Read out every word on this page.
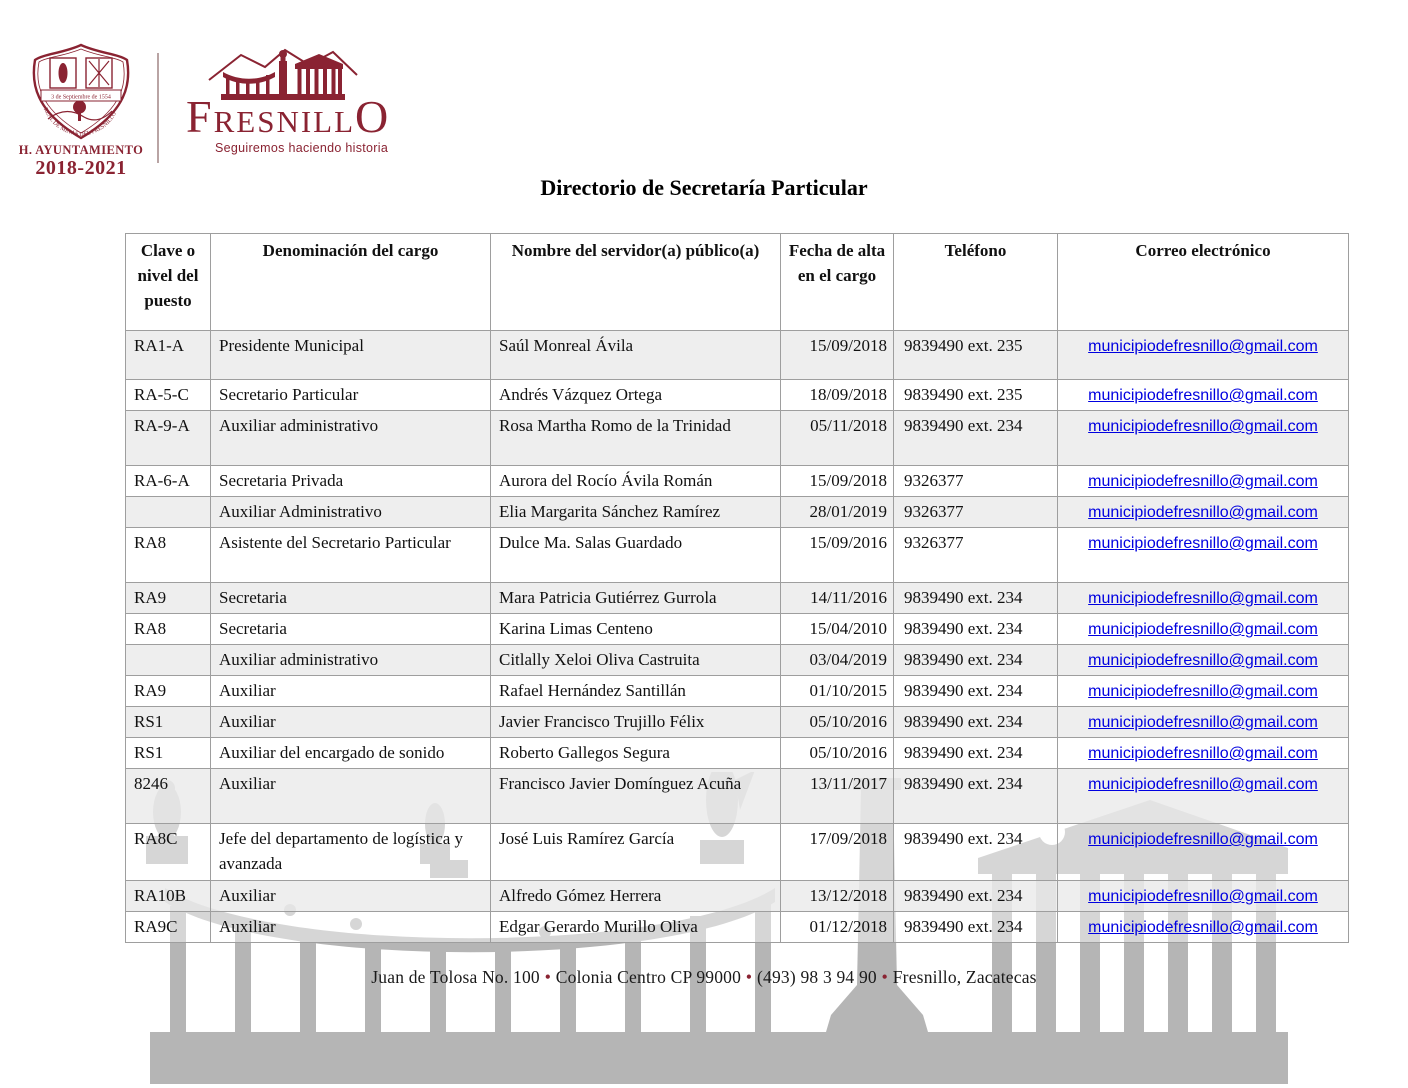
3 de Septiembre de 1554
REAL DE MINAS DEL FRESNILLO
H. AYUNTAMIENTO
2018-2021
FRESNILLO
Seguiremos haciendo historia
Directorio de Secretaría Particular
Clave o nivel del puesto	Denominación del cargo	Nombre del servidor(a) público(a)	Fecha de alta en el cargo	Teléfono	Correo electrónico
RA1-A	Presidente Municipal	Saúl Monreal Ávila	15/09/2018	9839490 ext. 235	municipiodefresnillo@gmail.com
RA-5-C	Secretario Particular	Andrés Vázquez Ortega	18/09/2018	9839490 ext. 235	municipiodefresnillo@gmail.com
RA-9-A	Auxiliar administrativo	Rosa Martha Romo de la Trinidad	05/11/2018	9839490 ext. 234	municipiodefresnillo@gmail.com
RA-6-A	Secretaria Privada	Aurora del Rocío Ávila Román	15/09/2018	9326377	municipiodefresnillo@gmail.com
	Auxiliar Administrativo	Elia Margarita Sánchez Ramírez	28/01/2019	9326377	municipiodefresnillo@gmail.com
RA8	Asistente del Secretario Particular	Dulce Ma. Salas Guardado	15/09/2016	9326377	municipiodefresnillo@gmail.com
RA9	Secretaria	Mara Patricia Gutiérrez Gurrola	14/11/2016	9839490 ext. 234	municipiodefresnillo@gmail.com
RA8	Secretaria	Karina Limas Centeno	15/04/2010	9839490 ext. 234	municipiodefresnillo@gmail.com
	Auxiliar administrativo	Citlally Xeloi Oliva Castruita	03/04/2019	9839490 ext. 234	municipiodefresnillo@gmail.com
RA9	Auxiliar	Rafael Hernández Santillán	01/10/2015	9839490 ext. 234	municipiodefresnillo@gmail.com
RS1	Auxiliar	Javier Francisco Trujillo Félix	05/10/2016	9839490 ext. 234	municipiodefresnillo@gmail.com
RS1	Auxiliar del encargado de sonido	Roberto Gallegos Segura	05/10/2016	9839490 ext. 234	municipiodefresnillo@gmail.com
8246	Auxiliar	Francisco Javier Domínguez Acuña	13/11/2017	9839490 ext. 234	municipiodefresnillo@gmail.com
RA8C	Jefe del departamento de logística y avanzada	José Luis Ramírez García	17/09/2018	9839490 ext. 234	municipiodefresnillo@gmail.com
RA10B	Auxiliar	Alfredo Gómez Herrera	13/12/2018	9839490 ext. 234	municipiodefresnillo@gmail.com
RA9C	Auxiliar	Edgar Gerardo Murillo Oliva	01/12/2018	9839490 ext. 234	municipiodefresnillo@gmail.com
Juan de Tolosa No. 100 • Colonia Centro CP 99000 • (493) 98 3 94 90 • Fresnillo, Zacatecas
